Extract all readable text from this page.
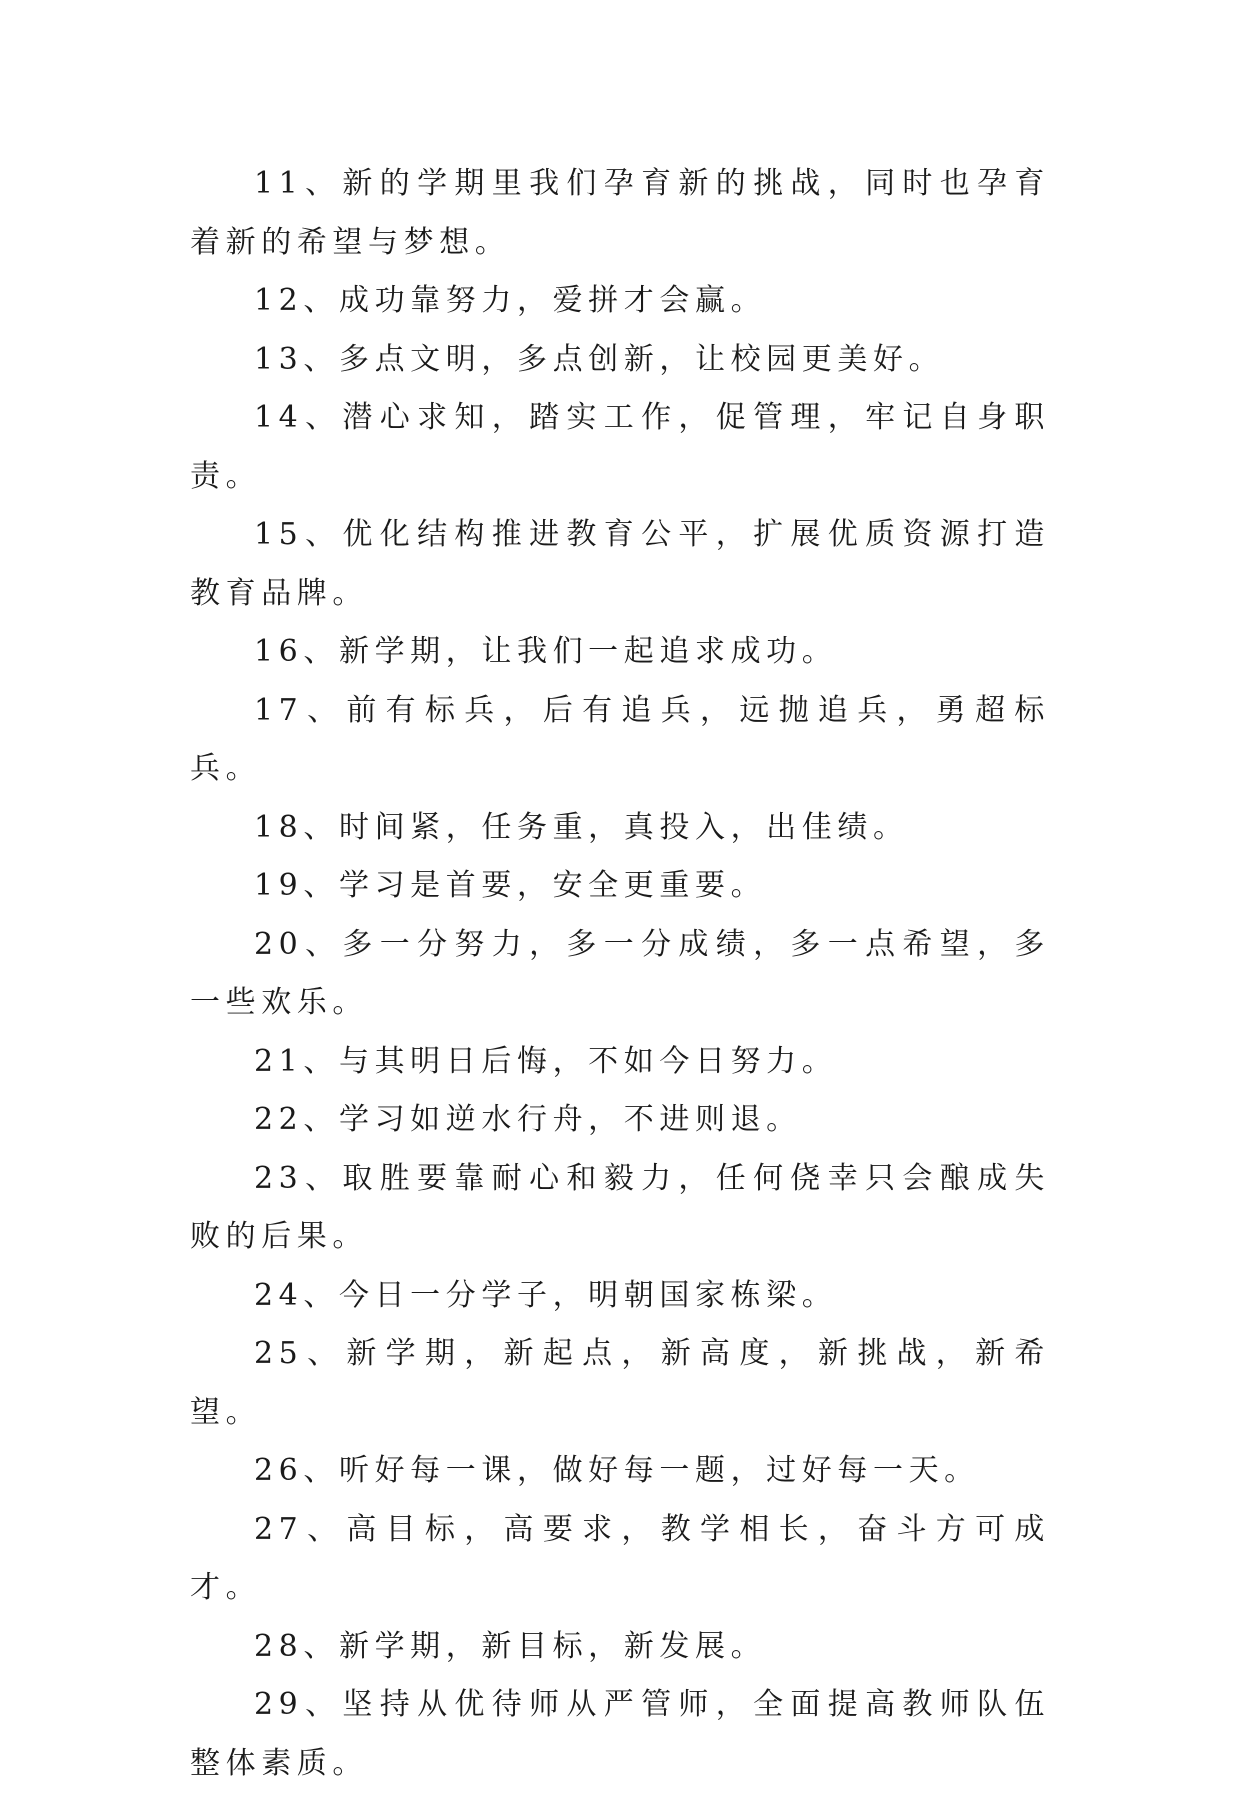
11、新的学期里我们孕育新的挑战，同时也孕育着新的希望与梦想。

12、成功靠努力，爱拼才会赢。

13、多点文明，多点创新，让校园更美好。

14、潜心求知，踏实工作，促管理，牢记自身职责。

15、优化结构推进教育公平，扩展优质资源打造教育品牌。

16、新学期，让我们一起追求成功。

17、前有标兵，后有追兵，远抛追兵，勇超标兵。

18、时间紧，任务重，真投入，出佳绩。

19、学习是首要，安全更重要。

20、多一分努力，多一分成绩，多一点希望，多一些欢乐。

21、与其明日后悔，不如今日努力。

22、学习如逆水行舟，不进则退。

23、取胜要靠耐心和毅力，任何侥幸只会酿成失败的后果。

24、今日一分学子，明朝国家栋梁。

25、新学期，新起点，新高度，新挑战，新希望。

26、听好每一课，做好每一题，过好每一天。

27、高目标，高要求，教学相长，奋斗方可成才。

28、新学期，新目标，新发展。

29、坚持从优待师从严管师，全面提高教师队伍整体素质。
